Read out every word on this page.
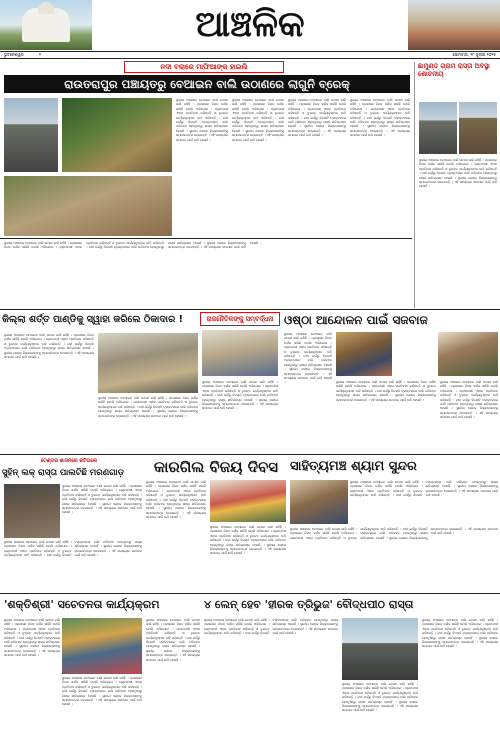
ଆଞ୍ଚଳିକ
ଭୁବନେଶ୍ୱର	୨	ସୋମବାର, ୨୮ ଜୁଲାଇ ୨୦୨୫
ନଦୀ ବଲାରେ ମାଫିଆଙ୍କ ହାଇଲି
ରାଉତରାପୁର ପଞ୍ଚାୟତରୁ ବେଆଇନ ବାଲି ଉଠାଣରେ ଲାଗୁନି ବ୍ରେକ୍
ସ୍ଥାନୀୟ ଅଞ୍ଚଳରେ ବେଆଇନ ବାଲି ଉଠାଣ ଜାରି ରହିଛି । ପ୍ରଶାସନ ନିରବ ଦର୍ଶକ ସାଜିଛି ବୋଲି ଅଭିଯୋଗ । ଗ୍ରାମବାସୀ ଏହାର ପ୍ରତିବାଦ କରିଛନ୍ତି ଓ ତୁରନ୍ତ କାର୍ଯ୍ୟାନୁଷ୍ଠାନ ଦାବି କରିଛନ୍ତି । ନଦୀ ଗର୍ଭରୁ ଦିନରାତି ଟ୍ରାକ୍ଟରରେ ବାଲି ପରିବହନ ହେଉଥିବାରୁ ରାସ୍ତା କ୍ଷତିଗ୍ରସ୍ତ ହେଉଛି । ସ୍ଥାନୀୟ ଲୋକେ ଜିଲ୍ଲାପାଳଙ୍କୁ ସ୍ମାରକପତ୍ର ଦେଇଛନ୍ତି । ଏହି ସମସ୍ୟାର ସମାଧାନ ପାଇଁ ଦାବି ହେଉଛି ।
ସ୍ଥାନୀୟ ଅଞ୍ଚଳରେ ବେଆଇନ ବାଲି ଉଠାଣ ଜାରି ରହିଛି । ପ୍ରଶାସନ ନିରବ ଦର୍ଶକ ସାଜିଛି ବୋଲି ଅଭିଯୋଗ । ଗ୍ରାମବାସୀ ଏହାର ପ୍ରତିବାଦ କରିଛନ୍ତି ଓ ତୁରନ୍ତ କାର୍ଯ୍ୟାନୁଷ୍ଠାନ ଦାବି କରିଛନ୍ତି । ନଦୀ ଗର୍ଭରୁ ଦିନରାତି ଟ୍ରାକ୍ଟରରେ ବାଲି ପରିବହନ ହେଉଥିବାରୁ ରାସ୍ତା କ୍ଷତିଗ୍ରସ୍ତ ହେଉଛି । ସ୍ଥାନୀୟ ଲୋକେ ଜିଲ୍ଲାପାଳଙ୍କୁ ସ୍ମାରକପତ୍ର ଦେଇଛନ୍ତି । ଏହି ସମସ୍ୟାର ସମାଧାନ ପାଇଁ ଦାବି ହେଉଛି ।
ସ୍ଥାନୀୟ ଅଞ୍ଚଳରେ ବେଆଇନ ବାଲି ଉଠାଣ ଜାରି ରହିଛି । ପ୍ରଶାସନ ନିରବ ଦର୍ଶକ ସାଜିଛି ବୋଲି ଅଭିଯୋଗ । ଗ୍ରାମବାସୀ ଏହାର ପ୍ରତିବାଦ କରିଛନ୍ତି ଓ ତୁରନ୍ତ କାର୍ଯ୍ୟାନୁଷ୍ଠାନ ଦାବି କରିଛନ୍ତି । ନଦୀ ଗର୍ଭରୁ ଦିନରାତି ଟ୍ରାକ୍ଟରରେ ବାଲି ପରିବହନ ହେଉଥିବାରୁ ରାସ୍ତା କ୍ଷତିଗ୍ରସ୍ତ ହେଉଛି । ସ୍ଥାନୀୟ ଲୋକେ ଜିଲ୍ଲାପାଳଙ୍କୁ ସ୍ମାରକପତ୍ର ଦେଇଛନ୍ତି । ଏହି ସମସ୍ୟାର ସମାଧାନ ପାଇଁ ଦାବି ହେଉଛି ।
ସ୍ଥାନୀୟ ଅଞ୍ଚଳରେ ବେଆଇନ ବାଲି ଉଠାଣ ଜାରି ରହିଛି । ପ୍ରଶାସନ ନିରବ ଦର୍ଶକ ସାଜିଛି ବୋଲି ଅଭିଯୋଗ । ଗ୍ରାମବାସୀ ଏହାର ପ୍ରତିବାଦ କରିଛନ୍ତି ଓ ତୁରନ୍ତ କାର୍ଯ୍ୟାନୁଷ୍ଠାନ ଦାବି କରିଛନ୍ତି । ନଦୀ ଗର୍ଭରୁ ଦିନରାତି ଟ୍ରାକ୍ଟରରେ ବାଲି ପରିବହନ ହେଉଥିବାରୁ ରାସ୍ତା କ୍ଷତିଗ୍ରସ୍ତ ହେଉଛି । ସ୍ଥାନୀୟ ଲୋକେ ଜିଲ୍ଲାପାଳଙ୍କୁ ସ୍ମାରକପତ୍ର ଦେଇଛନ୍ତି । ଏହି ସମସ୍ୟାର ସମାଧାନ ପାଇଁ ଦାବି ହେଉଛି ।
ଛାମୁଣ୍ଡ ଗ୍ରାମ ରାସ୍ତା ଅବସ୍ଥା ଶୋଚନୀୟ
ସ୍ଥାନୀୟ ଅଞ୍ଚଳରେ ବେଆଇନ ବାଲି ଉଠାଣ ଜାରି ରହିଛି । ପ୍ରଶାସନ ନିରବ ଦର୍ଶକ ସାଜିଛି ବୋଲି ଅଭିଯୋଗ । ଗ୍ରାମବାସୀ ଏହାର ପ୍ରତିବାଦ କରିଛନ୍ତି ଓ ତୁରନ୍ତ କାର୍ଯ୍ୟାନୁଷ୍ଠାନ ଦାବି କରିଛନ୍ତି । ନଦୀ ଗର୍ଭରୁ ଦିନରାତି ଟ୍ରାକ୍ଟରରେ ବାଲି ପରିବହନ ହେଉଥିବାରୁ ରାସ୍ତା କ୍ଷତିଗ୍ରସ୍ତ ହେଉଛି । ସ୍ଥାନୀୟ ଲୋକେ ଜିଲ୍ଲାପାଳଙ୍କୁ ସ୍ମାରକପତ୍ର ଦେଇଛନ୍ତି । ଏହି ସମସ୍ୟାର ସମାଧାନ ପାଇଁ ଦାବି ହେଉଛି ।
ସ୍ଥାନୀୟ ଅଞ୍ଚଳରେ ବେଆଇନ ବାଲି ଉଠାଣ ଜାରି ରହିଛି । ପ୍ରଶାସନ ନିରବ ଦର୍ଶକ ସାଜିଛି ବୋଲି ଅଭିଯୋଗ । ଗ୍ରାମବାସୀ ଏହାର ପ୍ରତିବାଦ କରିଛନ୍ତି ଓ ତୁରନ୍ତ କାର୍ଯ୍ୟାନୁଷ୍ଠାନ ଦାବି କରିଛନ୍ତି । ନଦୀ ଗର୍ଭରୁ ଦିନରାତି ଟ୍ରାକ୍ଟରରେ ବାଲି ପରିବହନ ହେଉଥିବାରୁ ରାସ୍ତା କ୍ଷତିଗ୍ରସ୍ତ ହେଉଛି । ସ୍ଥାନୀୟ ଲୋକେ ଜିଲ୍ଲାପାଳଙ୍କୁ ସ୍ମାରକପତ୍ର ଦେଇଛନ୍ତି । ଏହି ସମସ୍ୟାର ସମାଧାନ ପାଇଁ ଦାବି ହେଉଛି ।
କିଲ୍ଲା ଶର୍ତ୍ତ ପାଣ୍ଡିକୁ ସ୍ୱାହା କରିଲେ ଠିକାଦାର !
ସ୍ଥାନୀୟ ଅଞ୍ଚଳରେ ବେଆଇନ ବାଲି ଉଠାଣ ଜାରି ରହିଛି । ପ୍ରଶାସନ ନିରବ ଦର୍ଶକ ସାଜିଛି ବୋଲି ଅଭିଯୋଗ । ଗ୍ରାମବାସୀ ଏହାର ପ୍ରତିବାଦ କରିଛନ୍ତି ଓ ତୁରନ୍ତ କାର୍ଯ୍ୟାନୁଷ୍ଠାନ ଦାବି କରିଛନ୍ତି । ନଦୀ ଗର୍ଭରୁ ଦିନରାତି ଟ୍ରାକ୍ଟରରେ ବାଲି ପରିବହନ ହେଉଥିବାରୁ ରାସ୍ତା କ୍ଷତିଗ୍ରସ୍ତ ହେଉଛି । ସ୍ଥାନୀୟ ଲୋକେ ଜିଲ୍ଲାପାଳଙ୍କୁ ସ୍ମାରକପତ୍ର ଦେଇଛନ୍ତି । ଏହି ସମସ୍ୟାର ସମାଧାନ ପାଇଁ ଦାବି ହେଉଛି ।
ସ୍ଥାନୀୟ ଅଞ୍ଚଳରେ ବେଆଇନ ବାଲି ଉଠାଣ ଜାରି ରହିଛି । ପ୍ରଶାସନ ନିରବ ଦର୍ଶକ ସାଜିଛି ବୋଲି ଅଭିଯୋଗ । ଗ୍ରାମବାସୀ ଏହାର ପ୍ରତିବାଦ କରିଛନ୍ତି ଓ ତୁରନ୍ତ କାର୍ଯ୍ୟାନୁଷ୍ଠାନ ଦାବି କରିଛନ୍ତି । ନଦୀ ଗର୍ଭରୁ ଦିନରାତି ଟ୍ରାକ୍ଟରରେ ବାଲି ପରିବହନ ହେଉଥିବାରୁ ରାସ୍ତା କ୍ଷତିଗ୍ରସ୍ତ ହେଉଛି । ସ୍ଥାନୀୟ ଲୋକେ ଜିଲ୍ଲାପାଳଙ୍କୁ ସ୍ମାରକପତ୍ର ଦେଇଛନ୍ତି । ଏହି ସମସ୍ୟାର ସମାଧାନ ପାଇଁ ଦାବି ହେଉଛି ।
ରାଜନୈତିକଙ୍କୁ ସମ୍ବର୍ଦ୍ଧନା
ସ୍ଥାନୀୟ ଅଞ୍ଚଳରେ ବେଆଇନ ବାଲି ଉଠାଣ ଜାରି ରହିଛି । ପ୍ରଶାସନ ନିରବ ଦର୍ଶକ ସାଜିଛି ବୋଲି ଅଭିଯୋଗ । ଗ୍ରାମବାସୀ ଏହାର ପ୍ରତିବାଦ କରିଛନ୍ତି ଓ ତୁରନ୍ତ କାର୍ଯ୍ୟାନୁଷ୍ଠାନ ଦାବି କରିଛନ୍ତି । ନଦୀ ଗର୍ଭରୁ ଦିନରାତି ଟ୍ରାକ୍ଟରରେ ବାଲି ପରିବହନ ହେଉଥିବାରୁ ରାସ୍ତା କ୍ଷତିଗ୍ରସ୍ତ ହେଉଛି । ସ୍ଥାନୀୟ ଲୋକେ ଜିଲ୍ଲାପାଳଙ୍କୁ ସ୍ମାରକପତ୍ର ଦେଇଛନ୍ତି । ଏହି ସମସ୍ୟାର ସମାଧାନ ପାଇଁ ଦାବି ହେଉଛି ।
ଓଷ୍ଠା ଆନ୍ଦୋଳନ ପାଇଁ ସଜବାଜ
ସ୍ଥାନୀୟ ଅଞ୍ଚଳରେ ବେଆଇନ ବାଲି ଉଠାଣ ଜାରି ରହିଛି । ପ୍ରଶାସନ ନିରବ ଦର୍ଶକ ସାଜିଛି ବୋଲି ଅଭିଯୋଗ । ଗ୍ରାମବାସୀ ଏହାର ପ୍ରତିବାଦ କରିଛନ୍ତି ଓ ତୁରନ୍ତ କାର୍ଯ୍ୟାନୁଷ୍ଠାନ ଦାବି କରିଛନ୍ତି । ନଦୀ ଗର୍ଭରୁ ଦିନରାତି ଟ୍ରାକ୍ଟରରେ ବାଲି ପରିବହନ ହେଉଥିବାରୁ ରାସ୍ତା କ୍ଷତିଗ୍ରସ୍ତ ହେଉଛି । ସ୍ଥାନୀୟ ଲୋକେ ଜିଲ୍ଲାପାଳଙ୍କୁ ସ୍ମାରକପତ୍ର ଦେଇଛନ୍ତି । ଏହି ସମସ୍ୟାର ସମାଧାନ ପାଇଁ ଦାବି ହେଉଛି ।	ସ୍ଥାନୀୟ ଅଞ୍ଚଳରେ ବେଆଇନ ବାଲି ଉଠାଣ ଜାରି ରହିଛି । ପ୍ରଶାସନ ନିରବ ଦର୍ଶକ ସାଜିଛି ବୋଲି ଅଭିଯୋଗ । ଗ୍ରାମବାସୀ ଏହାର ପ୍ରତିବାଦ କରିଛନ୍ତି ଓ ତୁରନ୍ତ କାର୍ଯ୍ୟାନୁଷ୍ଠାନ ଦାବି କରିଛନ୍ତି । ନଦୀ ଗର୍ଭରୁ ଦିନରାତି ଟ୍ରାକ୍ଟରରେ ବାଲି ପରିବହନ ହେଉଥିବାରୁ ରାସ୍ତା କ୍ଷତିଗ୍ରସ୍ତ ହେଉଛି । ସ୍ଥାନୀୟ ଲୋକେ ଜିଲ୍ଲାପାଳଙ୍କୁ ସ୍ମାରକପତ୍ର ଦେଇଛନ୍ତି । ଏହି ସମସ୍ୟାର ସମାଧାନ ପାଇଁ ଦାବି ହେଉଛି ।
ସ୍ଥାନୀୟ ଅଞ୍ଚଳରେ ବେଆଇନ ବାଲି ଉଠାଣ ଜାରି ରହିଛି । ପ୍ରଶାସନ ନିରବ ଦର୍ଶକ ସାଜିଛି ବୋଲି ଅଭିଯୋଗ । ଗ୍ରାମବାସୀ ଏହାର ପ୍ରତିବାଦ କରିଛନ୍ତି ଓ ତୁରନ୍ତ କାର୍ଯ୍ୟାନୁଷ୍ଠାନ ଦାବି କରିଛନ୍ତି । ନଦୀ ଗର୍ଭରୁ ଦିନରାତି ଟ୍ରାକ୍ଟରରେ ବାଲି ପରିବହନ ହେଉଥିବାରୁ ରାସ୍ତା କ୍ଷତିଗ୍ରସ୍ତ ହେଉଛି । ସ୍ଥାନୀୟ ଲୋକେ ଜିଲ୍ଲାପାଳଙ୍କୁ ସ୍ମାରକପତ୍ର ଦେଇଛନ୍ତି । ଏହି ସମସ୍ୟାର ସମାଧାନ ପାଇଁ ଦାବି ହେଉଛି ।
ଟେଣ୍ଡର ଶାସନରେ କଟିଗଲେ
ସୁହିନ୍ ଲକ୍ ରାସ୍ତା ପାଲଟିଛି ମରଣଗାଡ଼
ସ୍ଥାନୀୟ ଅଞ୍ଚଳରେ ବେଆଇନ ବାଲି ଉଠାଣ ଜାରି ରହିଛି । ପ୍ରଶାସନ ନିରବ ଦର୍ଶକ ସାଜିଛି ବୋଲି ଅଭିଯୋଗ । ଗ୍ରାମବାସୀ ଏହାର ପ୍ରତିବାଦ କରିଛନ୍ତି ଓ ତୁରନ୍ତ କାର୍ଯ୍ୟାନୁଷ୍ଠାନ ଦାବି କରିଛନ୍ତି । ନଦୀ ଗର୍ଭରୁ ଦିନରାତି ଟ୍ରାକ୍ଟରରେ ବାଲି ପରିବହନ ହେଉଥିବାରୁ ରାସ୍ତା କ୍ଷତିଗ୍ରସ୍ତ ହେଉଛି । ସ୍ଥାନୀୟ ଲୋକେ ଜିଲ୍ଲାପାଳଙ୍କୁ ସ୍ମାରକପତ୍ର ଦେଇଛନ୍ତି । ଏହି ସମସ୍ୟାର ସମାଧାନ ପାଇଁ ଦାବି ହେଉଛି ।
ସ୍ଥାନୀୟ ଅଞ୍ଚଳରେ ବେଆଇନ ବାଲି ଉଠାଣ ଜାରି ରହିଛି । ପ୍ରଶାସନ ନିରବ ଦର୍ଶକ ସାଜିଛି ବୋଲି ଅଭିଯୋଗ । ଗ୍ରାମବାସୀ ଏହାର ପ୍ରତିବାଦ କରିଛନ୍ତି ଓ ତୁରନ୍ତ କାର୍ଯ୍ୟାନୁଷ୍ଠାନ ଦାବି କରିଛନ୍ତି । ନଦୀ ଗର୍ଭରୁ ଦିନରାତି ଟ୍ରାକ୍ଟରରେ ବାଲି ପରିବହନ ହେଉଥିବାରୁ ରାସ୍ତା କ୍ଷତିଗ୍ରସ୍ତ ହେଉଛି । ସ୍ଥାନୀୟ ଲୋକେ ଜିଲ୍ଲାପାଳଙ୍କୁ ସ୍ମାରକପତ୍ର ଦେଇଛନ୍ତି । ଏହି ସମସ୍ୟାର ସମାଧାନ ପାଇଁ ଦାବି ହେଉଛି ।
କାରଗିଲ ବିଜୟ ଦିବସ
ସ୍ଥାନୀୟ ଅଞ୍ଚଳରେ ବେଆଇନ ବାଲି ଉଠାଣ ଜାରି ରହିଛି । ପ୍ରଶାସନ ନିରବ ଦର୍ଶକ ସାଜିଛି ବୋଲି ଅଭିଯୋଗ । ଗ୍ରାମବାସୀ ଏହାର ପ୍ରତିବାଦ କରିଛନ୍ତି ଓ ତୁରନ୍ତ କାର୍ଯ୍ୟାନୁଷ୍ଠାନ ଦାବି କରିଛନ୍ତି । ନଦୀ ଗର୍ଭରୁ ଦିନରାତି ଟ୍ରାକ୍ଟରରେ ବାଲି ପରିବହନ ହେଉଥିବାରୁ ରାସ୍ତା କ୍ଷତିଗ୍ରସ୍ତ ହେଉଛି । ସ୍ଥାନୀୟ ଲୋକେ ଜିଲ୍ଲାପାଳଙ୍କୁ ସ୍ମାରକପତ୍ର ଦେଇଛନ୍ତି । ଏହି ସମସ୍ୟାର ସମାଧାନ ପାଇଁ ଦାବି ହେଉଛି ।
ସ୍ଥାନୀୟ ଅଞ୍ଚଳରେ ବେଆଇନ ବାଲି ଉଠାଣ ଜାରି ରହିଛି । ପ୍ରଶାସନ ନିରବ ଦର୍ଶକ ସାଜିଛି ବୋଲି ଅଭିଯୋଗ । ଗ୍ରାମବାସୀ ଏହାର ପ୍ରତିବାଦ କରିଛନ୍ତି ଓ ତୁରନ୍ତ କାର୍ଯ୍ୟାନୁଷ୍ଠାନ ଦାବି କରିଛନ୍ତି । ନଦୀ ଗର୍ଭରୁ ଦିନରାତି ଟ୍ରାକ୍ଟରରେ ବାଲି ପରିବହନ ହେଉଥିବାରୁ ରାସ୍ତା କ୍ଷତିଗ୍ରସ୍ତ ହେଉଛି । ସ୍ଥାନୀୟ ଲୋକେ ଜିଲ୍ଲାପାଳଙ୍କୁ ସ୍ମାରକପତ୍ର ଦେଇଛନ୍ତି । ଏହି ସମସ୍ୟାର ସମାଧାନ ପାଇଁ ଦାବି ହେଉଛି ।
ସାହିତ୍ୟମଞ୍ଚ ଶ୍ୟାମ ସୁନ୍ଦର
ସ୍ଥାନୀୟ ଅଞ୍ଚଳରେ ବେଆଇନ ବାଲି ଉଠାଣ ଜାରି ରହିଛି । ପ୍ରଶାସନ ନିରବ ଦର୍ଶକ ସାଜିଛି ବୋଲି ଅଭିଯୋଗ । ଗ୍ରାମବାସୀ ଏହାର ପ୍ରତିବାଦ କରିଛନ୍ତି ଓ ତୁରନ୍ତ କାର୍ଯ୍ୟାନୁଷ୍ଠାନ ଦାବି କରିଛନ୍ତି । ନଦୀ ଗର୍ଭରୁ ଦିନରାତି ଟ୍ରାକ୍ଟରରେ ବାଲି ପରିବହନ ହେଉଥିବାରୁ ରାସ୍ତା କ୍ଷତିଗ୍ରସ୍ତ ହେଉଛି । ସ୍ଥାନୀୟ ଲୋକେ ଜିଲ୍ଲାପାଳଙ୍କୁ ସ୍ମାରକପତ୍ର ଦେଇଛନ୍ତି । ଏହି ସମସ୍ୟାର ସମାଧାନ ପାଇଁ ଦାବି ହେଉଛି ।
ସ୍ଥାନୀୟ ଅଞ୍ଚଳରେ ବେଆଇନ ବାଲି ଉଠାଣ ଜାରି ରହିଛି । ପ୍ରଶାସନ ନିରବ ଦର୍ଶକ ସାଜିଛି ବୋଲି ଅଭିଯୋଗ । ଗ୍ରାମବାସୀ ଏହାର ପ୍ରତିବାଦ କରିଛନ୍ତି ଓ ତୁରନ୍ତ କାର୍ଯ୍ୟାନୁଷ୍ଠାନ ଦାବି କରିଛନ୍ତି । ନଦୀ ଗର୍ଭରୁ ଦିନରାତି ଟ୍ରାକ୍ଟରରେ ବାଲି ପରିବହନ ହେଉଥିବାରୁ ରାସ୍ତା କ୍ଷତିଗ୍ରସ୍ତ ହେଉଛି । ସ୍ଥାନୀୟ ଲୋକେ ଜିଲ୍ଲାପାଳଙ୍କୁ ସ୍ମାରକପତ୍ର ଦେଇଛନ୍ତି । ଏହି ସମସ୍ୟାର ସମାଧାନ ପାଇଁ ଦାବି ହେଉଛି ।
'ଶକ୍ତିଶ୍ରୀ' ସଚେତନତା କାର୍ଯ୍ୟକ୍ରମ
ସ୍ଥାନୀୟ ଅଞ୍ଚଳରେ ବେଆଇନ ବାଲି ଉଠାଣ ଜାରି ରହିଛି । ପ୍ରଶାସନ ନିରବ ଦର୍ଶକ ସାଜିଛି ବୋଲି ଅଭିଯୋଗ । ଗ୍ରାମବାସୀ ଏହାର ପ୍ରତିବାଦ କରିଛନ୍ତି ଓ ତୁରନ୍ତ କାର୍ଯ୍ୟାନୁଷ୍ଠାନ ଦାବି କରିଛନ୍ତି । ନଦୀ ଗର୍ଭରୁ ଦିନରାତି ଟ୍ରାକ୍ଟରରେ ବାଲି ପରିବହନ ହେଉଥିବାରୁ ରାସ୍ତା କ୍ଷତିଗ୍ରସ୍ତ ହେଉଛି । ସ୍ଥାନୀୟ ଲୋକେ ଜିଲ୍ଲାପାଳଙ୍କୁ ସ୍ମାରକପତ୍ର ଦେଇଛନ୍ତି । ଏହି ସମସ୍ୟାର ସମାଧାନ ପାଇଁ ଦାବି ହେଉଛି ।
ସ୍ଥାନୀୟ ଅଞ୍ଚଳରେ ବେଆଇନ ବାଲି ଉଠାଣ ଜାରି ରହିଛି । ପ୍ରଶାସନ ନିରବ ଦର୍ଶକ ସାଜିଛି ବୋଲି ଅଭିଯୋଗ । ଗ୍ରାମବାସୀ ଏହାର ପ୍ରତିବାଦ କରିଛନ୍ତି ଓ ତୁରନ୍ତ କାର୍ଯ୍ୟାନୁଷ୍ଠାନ ଦାବି କରିଛନ୍ତି । ନଦୀ ଗର୍ଭରୁ ଦିନରାତି ଟ୍ରାକ୍ଟରରେ ବାଲି ପରିବହନ ହେଉଥିବାରୁ ରାସ୍ତା କ୍ଷତିଗ୍ରସ୍ତ ହେଉଛି । ସ୍ଥାନୀୟ ଲୋକେ ଜିଲ୍ଲାପାଳଙ୍କୁ ସ୍ମାରକପତ୍ର ଦେଇଛନ୍ତି । ଏହି ସମସ୍ୟାର ସମାଧାନ ପାଇଁ ଦାବି ହେଉଛି ।
ସ୍ଥାନୀୟ ଅଞ୍ଚଳରେ ବେଆଇନ ବାଲି ଉଠାଣ ଜାରି ରହିଛି । ପ୍ରଶାସନ ନିରବ ଦର୍ଶକ ସାଜିଛି ବୋଲି ଅଭିଯୋଗ । ଗ୍ରାମବାସୀ ଏହାର ପ୍ରତିବାଦ କରିଛନ୍ତି ଓ ତୁରନ୍ତ କାର୍ଯ୍ୟାନୁଷ୍ଠାନ ଦାବି କରିଛନ୍ତି । ନଦୀ ଗର୍ଭରୁ ଦିନରାତି ଟ୍ରାକ୍ଟରରେ ବାଲି ପରିବହନ ହେଉଥିବାରୁ ରାସ୍ତା କ୍ଷତିଗ୍ରସ୍ତ ହେଉଛି । ସ୍ଥାନୀୟ ଲୋକେ ଜିଲ୍ଲାପାଳଙ୍କୁ ସ୍ମାରକପତ୍ର ଦେଇଛନ୍ତି । ଏହି ସମସ୍ୟାର ସମାଧାନ ପାଇଁ ଦାବି ହେଉଛି ।
୪ ଲେନ୍ ହେବ 'ହୀରକ ତ୍ରିଭୁଜ' ବୌଦ୍ଧପୀଠ ରାସ୍ତା
ସ୍ଥାନୀୟ ଅଞ୍ଚଳରେ ବେଆଇନ ବାଲି ଉଠାଣ ଜାରି ରହିଛି । ପ୍ରଶାସନ ନିରବ ଦର୍ଶକ ସାଜିଛି ବୋଲି ଅଭିଯୋଗ । ଗ୍ରାମବାସୀ ଏହାର ପ୍ରତିବାଦ କରିଛନ୍ତି ଓ ତୁରନ୍ତ କାର୍ଯ୍ୟାନୁଷ୍ଠାନ ଦାବି କରିଛନ୍ତି । ନଦୀ ଗର୍ଭରୁ ଦିନରାତି ଟ୍ରାକ୍ଟରରେ ବାଲି ପରିବହନ ହେଉଥିବାରୁ ରାସ୍ତା କ୍ଷତିଗ୍ରସ୍ତ ହେଉଛି । ସ୍ଥାନୀୟ ଲୋକେ ଜିଲ୍ଲାପାଳଙ୍କୁ ସ୍ମାରକପତ୍ର ଦେଇଛନ୍ତି । ଏହି ସମସ୍ୟାର ସମାଧାନ ପାଇଁ ଦାବି ହେଉଛି ।
ସ୍ଥାନୀୟ ଅଞ୍ଚଳରେ ବେଆଇନ ବାଲି ଉଠାଣ ଜାରି ରହିଛି । ପ୍ରଶାସନ ନିରବ ଦର୍ଶକ ସାଜିଛି ବୋଲି ଅଭିଯୋଗ । ଗ୍ରାମବାସୀ ଏହାର ପ୍ରତିବାଦ କରିଛନ୍ତି ଓ ତୁରନ୍ତ କାର୍ଯ୍ୟାନୁଷ୍ଠାନ ଦାବି କରିଛନ୍ତି । ନଦୀ ଗର୍ଭରୁ ଦିନରାତି ଟ୍ରାକ୍ଟରରେ ବାଲି ପରିବହନ ହେଉଥିବାରୁ ରାସ୍ତା କ୍ଷତିଗ୍ରସ୍ତ ହେଉଛି । ସ୍ଥାନୀୟ ଲୋକେ ଜିଲ୍ଲାପାଳଙ୍କୁ ସ୍ମାରକପତ୍ର ଦେଇଛନ୍ତି । ଏହି ସମସ୍ୟାର ସମାଧାନ ପାଇଁ ଦାବି ହେଉଛି ।
ସ୍ଥାନୀୟ ଅଞ୍ଚଳରେ ବେଆଇନ ବାଲି ଉଠାଣ ଜାରି ରହିଛି । ପ୍ରଶାସନ ନିରବ ଦର୍ଶକ ସାଜିଛି ବୋଲି ଅଭିଯୋଗ । ଗ୍ରାମବାସୀ ଏହାର ପ୍ରତିବାଦ କରିଛନ୍ତି ଓ ତୁରନ୍ତ କାର୍ଯ୍ୟାନୁଷ୍ଠାନ ଦାବି କରିଛନ୍ତି । ନଦୀ ଗର୍ଭରୁ ଦିନରାତି ଟ୍ରାକ୍ଟରରେ ବାଲି ପରିବହନ ହେଉଥିବାରୁ ରାସ୍ତା କ୍ଷତିଗ୍ରସ୍ତ ହେଉଛି । ସ୍ଥାନୀୟ ଲୋକେ ଜିଲ୍ଲାପାଳଙ୍କୁ ସ୍ମାରକପତ୍ର ଦେଇଛନ୍ତି । ଏହି ସମସ୍ୟାର ସମାଧାନ ପାଇଁ ଦାବି ହେଉଛି ।
